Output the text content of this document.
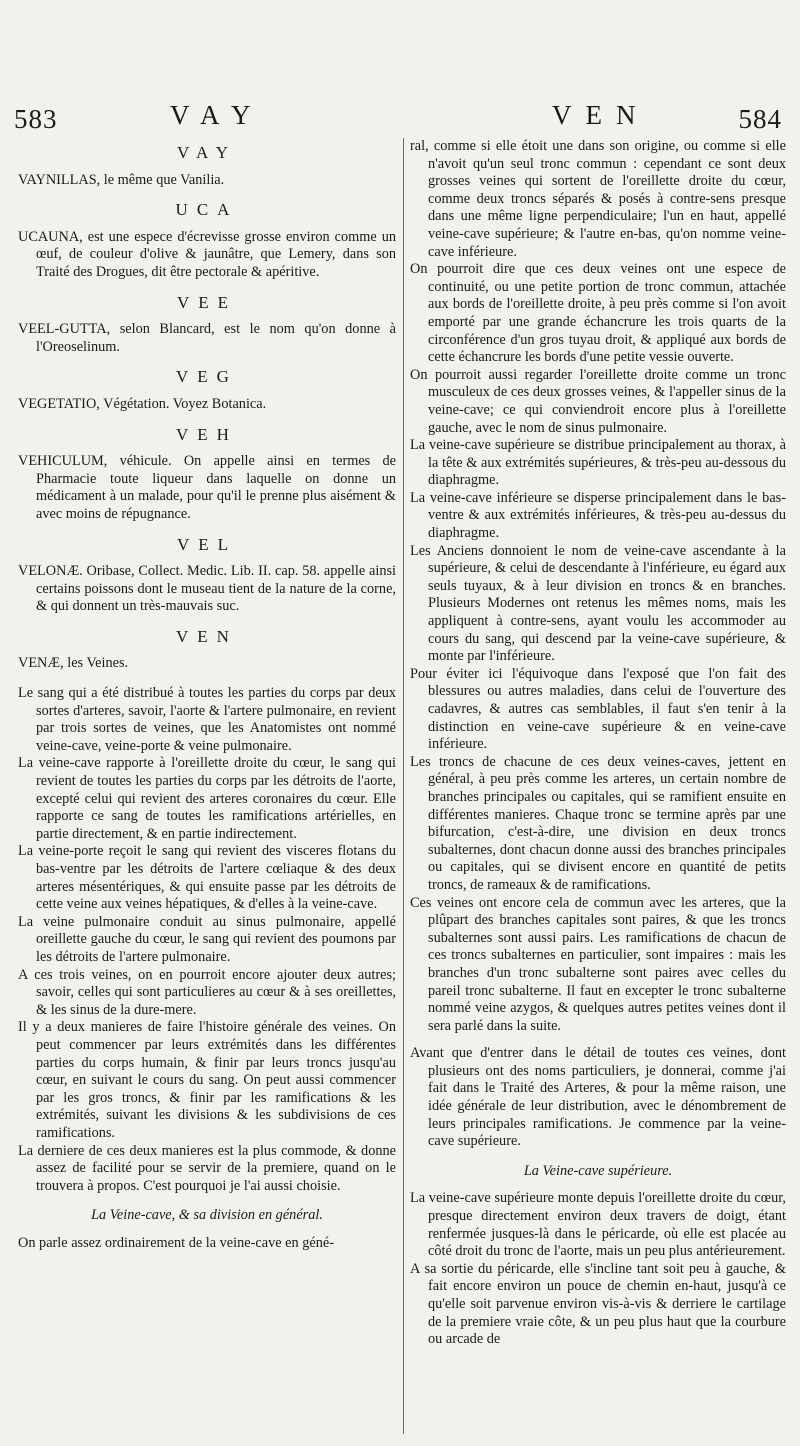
583	VAY	VEN	584
VAY

VAYNILLAS, le même que Vanilia.

UCA

UCAUNA, est une espece d'écrevisse grosse environ comme un œuf, de couleur d'olive & jaunâtre, que Lemery, dans son Traité des Drogues, dit être pectorale & apéritive.

VEE

VEEL-GUTTA, selon Blancard, est le nom qu'on donne à l'Oreoselinum.

VEG

VEGETATIO, Végétation. Voyez Botanica.

VEH

VEHICULUM, véhicule. On appelle ainsi en termes de Pharmacie toute liqueur dans laquelle on donne un médicament à un malade, pour qu'il le prenne plus aisément & avec moins de répugnance.

VEL

VELONÆ. Oribase, Collect. Medic. Lib. II. cap. 58. appelle ainsi certains poissons dont le museau tient de la nature de la corne, & qui donnent un très-mauvais suc.

VEN

VENÆ, les Veines.

Le sang qui a été distribué à toutes les parties du corps par deux sortes d'arteres, savoir, l'aorte & l'artere pulmonaire, en revient par trois sortes de veines, que les Anatomistes ont nommé veine-cave, veine-porte & veine pulmonaire.

La veine-cave rapporte à l'oreillette droite du cœur, le sang qui revient de toutes les parties du corps par les détroits de l'aorte, excepté celui qui revient des arteres coronaires du cœur. Elle rapporte ce sang de toutes les ramifications artérielles, en partie directement, & en partie indirectement.

La veine-porte reçoit le sang qui revient des visceres flotans du bas-ventre par les détroits de l'artere cœliaque & des deux arteres mésentériques, & qui ensuite passe par les détroits de cette veine aux veines hépatiques, & d'elles à la veine-cave.

La veine pulmonaire conduit au sinus pulmonaire, appellé oreillette gauche du cœur, le sang qui revient des poumons par les détroits de l'artere pulmonaire.

A ces trois veines, on en pourroit encore ajouter deux autres; savoir, celles qui sont particulieres au cœur & à ses oreillettes, & les sinus de la dure-mere.

Il y a deux manieres de faire l'histoire générale des veines. On peut commencer par leurs extrémités dans les différentes parties du corps humain, & finir par leurs troncs jusqu'au cœur, en suivant le cours du sang. On peut aussi commencer par les gros troncs, & finir par les ramifications & les extrémités, suivant les divisions & les subdivisions de ces ramifications.

La derniere de ces deux manieres est la plus commode, & donne assez de facilité pour se servir de la premiere, quand on le trouvera à propos. C'est pourquoi je l'ai aussi choisie.

La Veine-cave, & sa division en général.

On parle assez ordinairement de la veine-cave en géné-

ral, comme si elle étoit une dans son origine, ou comme si elle n'avoit qu'un seul tronc commun : cependant ce sont deux grosses veines qui sortent de l'oreillette droite du cœur, comme deux troncs séparés & posés à contre-sens presque dans une même ligne perpendiculaire; l'un en haut, appellé veine-cave supérieure; & l'autre en-bas, qu'on nomme veine-cave inférieure.

On pourroit dire que ces deux veines ont une espece de continuité, ou une petite portion de tronc commun, attachée aux bords de l'oreillette droite, à peu près comme si l'on avoit emporté par une grande échancrure les trois quarts de la circonférence d'un gros tuyau droit, & appliqué aux bords de cette échancrure les bords d'une petite vessie ouverte.

On pourroit aussi regarder l'oreillette droite comme un tronc musculeux de ces deux grosses veines, & l'appeller sinus de la veine-cave; ce qui conviendroit encore plus à l'oreillette gauche, avec le nom de sinus pulmonaire.

La veine-cave supérieure se distribue principalement au thorax, à la tête & aux extrémités supérieures, & très-peu au-dessous du diaphragme.

La veine-cave inférieure se disperse principalement dans le bas-ventre & aux extrémités inférieures, & très-peu au-dessus du diaphragme.

Les Anciens donnoient le nom de veine-cave ascendante à la supérieure, & celui de descendante à l'inférieure, eu égard aux seuls tuyaux, & à leur division en troncs & en branches. Plusieurs Modernes ont retenus les mêmes noms, mais les appliquent à contre-sens, ayant voulu les accommoder au cours du sang, qui descend par la veine-cave supérieure, & monte par l'inférieure.

Pour éviter ici l'équivoque dans l'exposé que l'on fait des blessures ou autres maladies, dans celui de l'ouverture des cadavres, & autres cas semblables, il faut s'en tenir à la distinction en veine-cave supérieure & en veine-cave inférieure.

Les troncs de chacune de ces deux veines-caves, jettent en général, à peu près comme les arteres, un certain nombre de branches principales ou capitales, qui se ramifient ensuite en différentes manieres. Chaque tronc se termine après par une bifurcation, c'est-à-dire, une division en deux troncs subalternes, dont chacun donne aussi des branches principales ou capitales, qui se divisent encore en quantité de petits troncs, de rameaux & de ramifications.

Ces veines ont encore cela de commun avec les arteres, que la plûpart des branches capitales sont paires, & que les troncs subalternes sont aussi pairs. Les ramifications de chacun de ces troncs subalternes en particulier, sont impaires : mais les branches d'un tronc subalterne sont paires avec celles du pareil tronc subalterne. Il faut en excepter le tronc subalterne nommé veine azygos, & quelques autres petites veines dont il sera parlé dans la suite.

Avant que d'entrer dans le détail de toutes ces veines, dont plusieurs ont des noms particuliers, je donnerai, comme j'ai fait dans le Traité des Arteres, & pour la même raison, une idée générale de leur distribution, avec le dénombrement de leurs principales ramifications. Je commence par la veine-cave supérieure.

La Veine-cave supérieure.

La veine-cave supérieure monte depuis l'oreillette droite du cœur, presque directement environ deux travers de doigt, étant renfermée jusques-là dans le péricarde, où elle est placée au côté droit du tronc de l'aorte, mais un peu plus antérieurement.

A sa sortie du péricarde, elle s'incline tant soit peu à gauche, & fait encore environ un pouce de chemin en-haut, jusqu'à ce qu'elle soit parvenue environ vis-à-vis & derriere le cartilage de la premiere vraie côte, & un peu plus haut que la courbure ou arcade de
